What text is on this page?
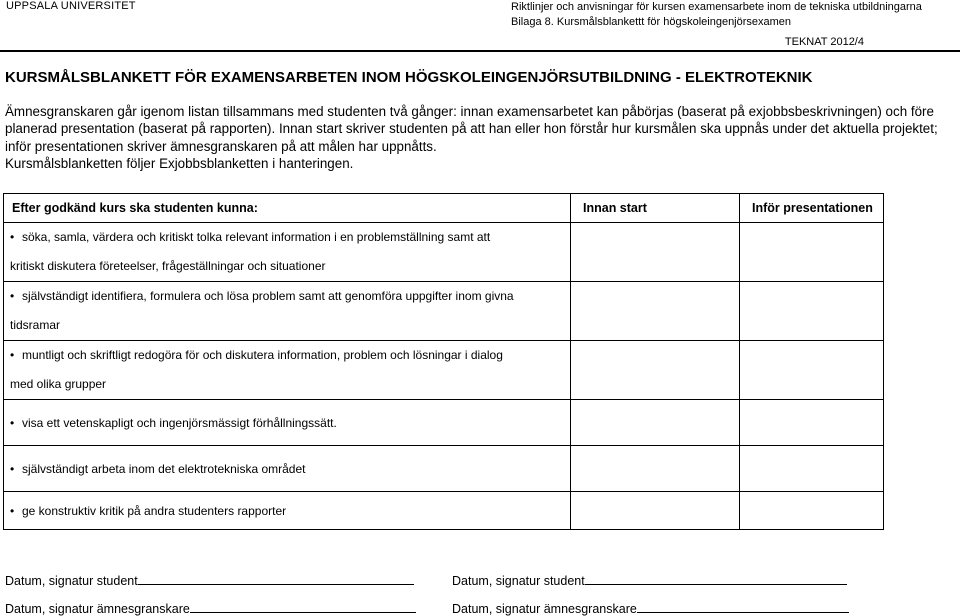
UPPSALA UNIVERSITET	Riktlinjer och anvisningar för kursen examensarbete inom de tekniska utbildningarna
Bilaga 8. Kursmålsblankettt för högskoleingenjörsexamen
TEKNAT 2012/4
KURSMÅLSBLANKETT FÖR EXAMENSARBETEN INOM HÖGSKOLEINGENJÖRSUTBILDNING - ELEKTROTEKNIK

Ämnesgranskaren går igenom listan tillsammans med studenten två gånger: innan examensarbetet kan påbörjas (baserat på exjobbsbeskrivningen) och före planerad presentation (baserat på rapporten). Innan start skriver studenten på att han eller hon förstår hur kursmålen ska uppnås under det aktuella projektet; inför presentationen skriver ämnesgranskaren på att målen har uppnåtts.

Kursmålsblanketten följer Exjobbsblanketten i hanteringen.

Efter godkänd kurs ska studenten kunna:	Innan start	Inför presentationen

• söka, samla, värdera och kritiskt tolka relevant information i en problemställning samt att
kritiskt diskutera företeelser, frågeställningar och situationer

• självständigt identifiera, formulera och lösa problem samt att genomföra uppgifter inom givna
tidsramar

• muntligt och skriftligt redogöra för och diskutera information, problem och lösningar i dialog
med olika grupper

• visa ett vetenskapligt och ingenjörsmässigt förhållningssätt.

• självständigt arbeta inom det elektrotekniska området

• ge konstruktiv kritik på andra studenters rapporter

Datum, signatur student	Datum, signatur student
Datum, signatur ämnesgranskare	Datum, signatur ämnesgranskare
